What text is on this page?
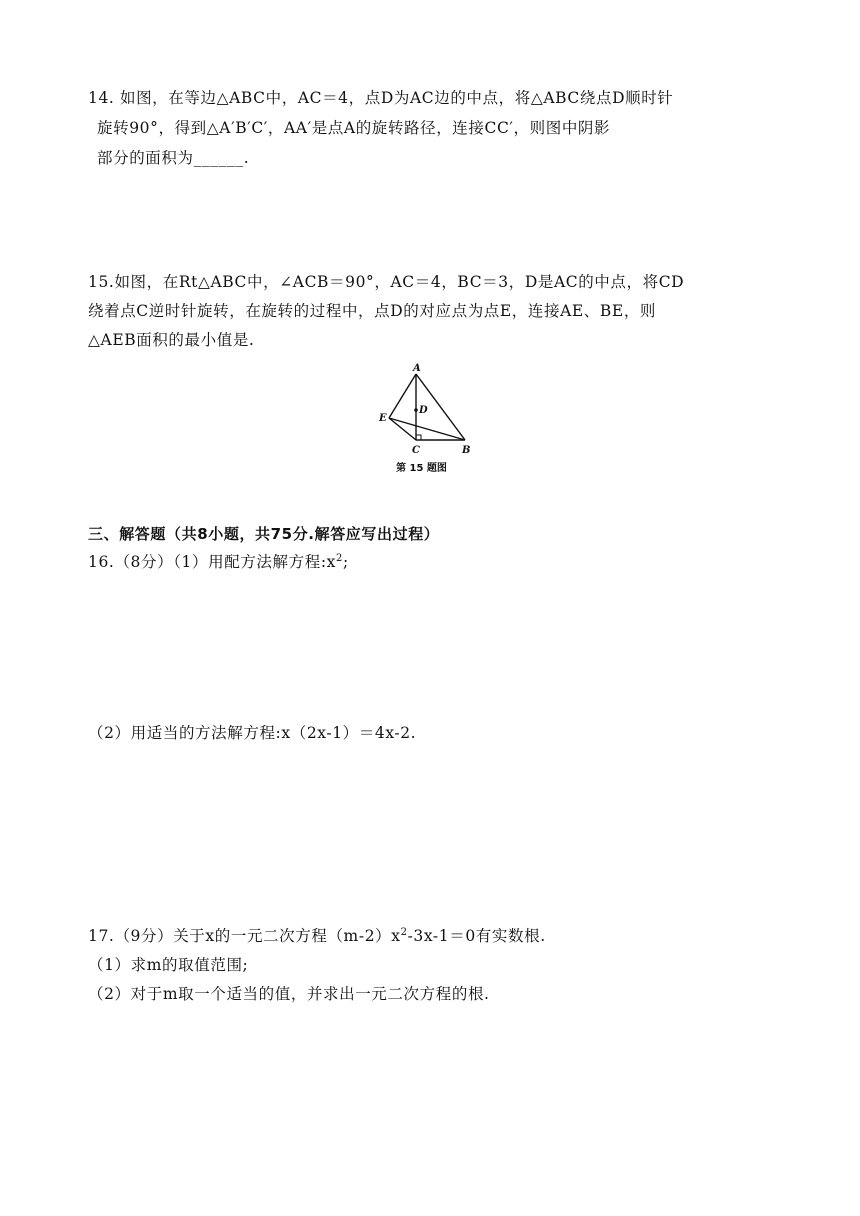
14. 如图，在等边△ABC中，AC＝4，点D为AC边的中点，将△ABC绕点D顺时针
旋转90°，得到△A′B′C′，AA′是点A的旋转路径，连接CC′，则图中阴影
部分的面积为______.
15.如图，在Rt△ABC中，∠ACB＝90°，AC＝4，BC＝3，D是AC的中点，将CD
绕着点C逆时针旋转，在旋转的过程中，点D的对应点为点E，连接AE、BE，则
△AEB面积的最小值是.
A
D
E
C	B
第 15 题图
三、解答题（共8小题，共75分.解答应写出过程）
16.（8分）（1）用配方法解方程$:x^2$;
（2）用适当的方法解方程:x（2x-1）＝4x-2.
17.（9分）关于x的一元二次方程$(m-2)x^2-3x-1=0$有实数根.
（1）求m的取值范围;
（2）对于m取一个适当的值，并求出一元二次方程的根.
